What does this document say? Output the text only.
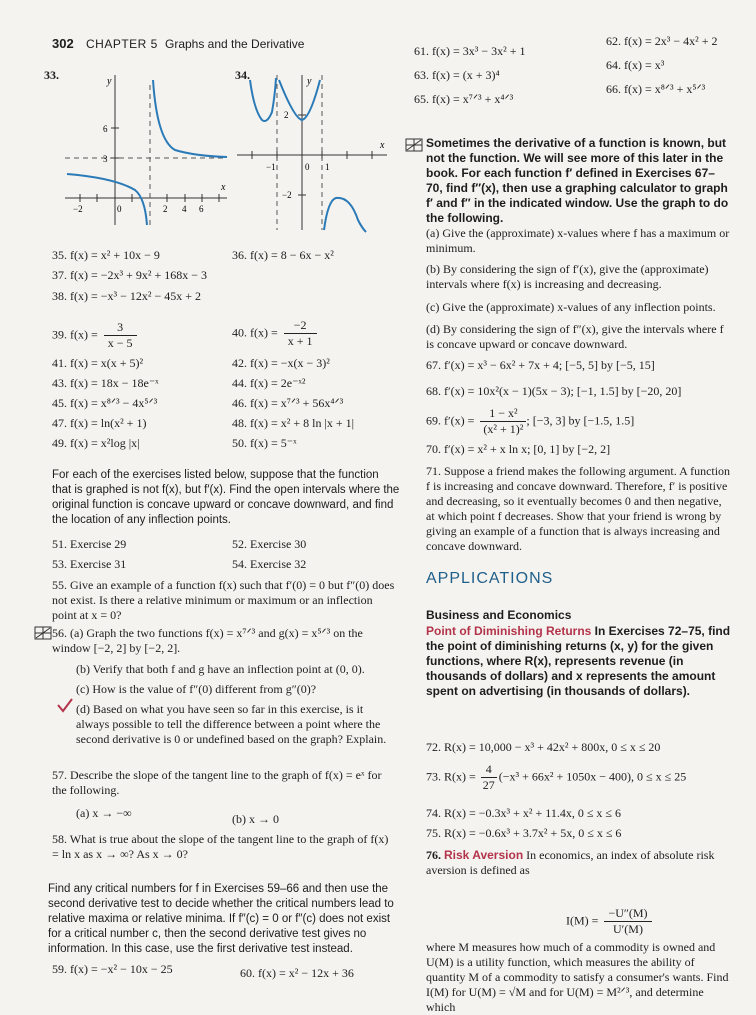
302 CHAPTER 5 Graphs and the Derivative
33.	y
x
6
3
−2	0	2 4 6
34.	y
x
2
−2
−1	0 1
35. f(x) = x² + 10x − 9	36. f(x) = 8 − 6x − x²
37. f(x) = −2x³ + 9x² + 168x − 3
38. f(x) = −x³ − 12x² − 45x + 2
39. $f(x) = \frac{3}{x - 5}$	40. $f(x) = \frac{-2}{x + 1}$
41. f(x) = x(x + 5)²	42. f(x) = −x(x − 3)²
43. f(x) = 18x − 18e⁻ˣ	44. f(x) = 2e⁻ˣ²
45. f(x) = x⁸ᐟ³ − 4x⁵ᐟ³	46. f(x) = x⁷ᐟ³ + 56x⁴ᐟ³
47. f(x) = ln(x² + 1)	48. f(x) = x² + 8 ln |x + 1|
49. f(x) = x²log |x|	50. f(x) = 5⁻ˣ
For each of the exercises listed below, suppose that the function that is graphed is not f(x), but f′(x). Find the open intervals where the original function is concave upward or concave downward, and find the location of any inflection points.
51. Exercise 29	52. Exercise 30
53. Exercise 31	54. Exercise 32
55. Give an example of a function f(x) such that f′(0) = 0 but f″(0) does not exist. Is there a relative minimum or maximum or an inflection point at x = 0?
56. (a) Graph the two functions f(x) = x⁷ᐟ³ and g(x) = x⁵ᐟ³ on the window [−2, 2] by [−2, 2].
(b) Verify that both f and g have an inflection point at (0, 0).
(c) How is the value of f″(0) different from g″(0)?
(d) Based on what you have seen so far in this exercise, is it always possible to tell the difference between a point where the second derivative is 0 or undefined based on the graph? Explain.
57. Describe the slope of the tangent line to the graph of f(x) = eˣ for the following.
(a) x → −∞	(b) x → 0
58. What is true about the slope of the tangent line to the graph of f(x) = ln x as x → ∞? As x → 0?
Find any critical numbers for f in Exercises 59–66 and then use the second derivative test to decide whether the critical numbers lead to relative maxima or relative minima. If f″(c) = 0 or f″(c) does not exist for a critical number c, then the second derivative test gives no information. In this case, use the first derivative test instead.
59. f(x) = −x² − 10x − 25	60. f(x) = x² − 12x + 36
61. f(x) = 3x³ − 3x² + 1
62. f(x) = 2x³ − 4x² + 2
63. f(x) = (x + 3)⁴
64. f(x) = x³
65. f(x) = x⁷ᐟ³ + x⁴ᐟ³
66. f(x) = x⁸ᐟ³ + x⁵ᐟ³
Sometimes the derivative of a function is known, but not the function. We will see more of this later in the book. For each function f′ defined in Exercises 67–70, find f″(x), then use a graphing calculator to graph f′ and f″ in the indicated window. Use the graph to do the following.
(a) Give the (approximate) x-values where f has a maximum or minimum.
(b) By considering the sign of f′(x), give the (approximate) intervals where f(x) is increasing and decreasing.
(c) Give the (approximate) x-values of any inflection points.
(d) By considering the sign of f″(x), give the intervals where f is concave upward or concave downward.
67. f′(x) = x³ − 6x² + 7x + 4; [−5, 5] by [−5, 15]
68. f′(x) = 10x²(x − 1)(5x − 3); [−1, 1.5] by [−20, 20]
69. $f'(x) = \frac{\text{1 − x²}}{\text{(x² + 1)²}}$ ; [−3, 3] by [−1.5, 1.5]
70. f′(x) = x² + x ln x; [0, 1] by [−2, 2]
71. Suppose a friend makes the following argument. A function f is increasing and concave downward. Therefore, f′ is positive and decreasing, so it eventually becomes 0 and then negative, at which point f decreases. Show that your friend is wrong by giving an example of a function that is always increasing and concave downward.
APPLICATIONS
Business and Economics
Point of Diminishing Returns In Exercises 72–75, find the point of diminishing returns (x, y) for the given functions, where R(x), represents revenue (in thousands of dollars) and x represents the amount spent on advertising (in thousands of dollars).
72. R(x) = 10,000 − x³ + 42x² + 800x, 0 ≤ x ≤ 20
73. $R(x) = \frac{4}{27} (-x^3 + 66x^2 + 1050x - 400)$, 0 ≤ x ≤ 25
74. R(x) = −0.3x³ + x² + 11.4x, 0 ≤ x ≤ 6
75. R(x) = −0.6x³ + 3.7x² + 5x, 0 ≤ x ≤ 6
76. Risk Aversion In economics, an index of absolute risk aversion is defined as
$I(M) = \frac{-U''(M)}{U'(M)}$
where M measures how much of a commodity is owned and U(M) is a utility function, which measures the ability of quantity M of a commodity to satisfy a consumer's wants. Find I(M) for U(M) = √M and for U(M) = M²ᐟ³, and determine which
